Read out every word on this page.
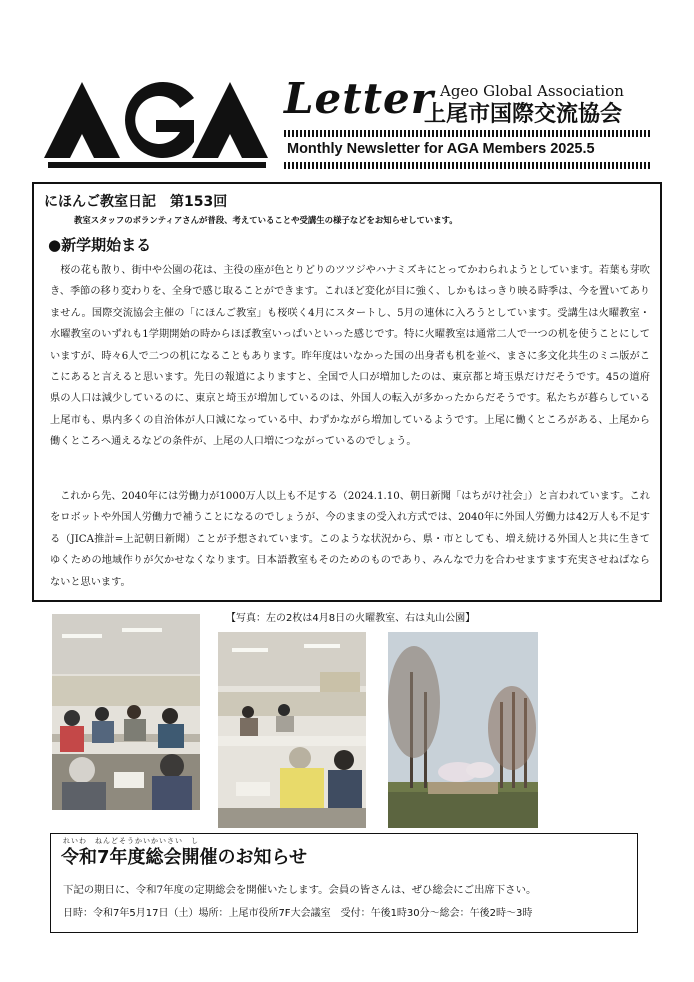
Letter Ageo Global Association
上尾市国際交流協会
Monthly Newsletter for AGA Members 2025.5
にほんご教室日記　第153回
教室スタッフのボランティアさんが普段、考えていることや受講生の様子などをお知らせしています。
●新学期始まる
桜の花も散り、街中や公園の花は、主役の座が色とりどりのツツジやハナミズキにとってかわられようとしています。若葉も芽吹き、季節の移り変わりを、全身で感じ取ることができます。これほど変化が目に強く、しかもはっきり映る時季は、今を置いてありません。国際交流協会主催の「にほんご教室」も桜咲く4月にスタートし、5月の連休に入ろうとしています。受講生は火曜教室・水曜教室のいずれも1学期開始の時からほぼ教室いっぱいといった感じです。特に火曜教室は通常二人で一つの机を使うことにしていますが、時々6人で二つの机になることもあります。昨年度はいなかった国の出身者も机を並べ、まさに多文化共生のミニ版がここにあると言えると思います。先日の報道によりますと、全国で人口が増加したのは、東京都と埼玉県だけだそうです。45の道府県の人口は減少しているのに、東京と埼玉が増加しているのは、外国人の転入が多かったからだそうです。私たちが暮らしている上尾市も、県内多くの自治体が人口減になっている中、わずかながら増加しているようです。上尾に働くところがある、上尾から働くところへ通えるなどの条件が、上尾の人口増につながっているのでしょう。
これから先、2040年には労働力が1000万人以上も不足する（2024.1.10、朝日新聞「はちがけ社会」）と言われています。これをロボットや外国人労働力で補うことになるのでしょうが、今のままの受入れ方式では、2040年に外国人労働力は42万人も不足する（JICA推計=上記朝日新聞）ことが予想されています。このような状況から、県・市としても、増え続ける外国人と共に生きてゆくための地域作りが欠かせなくなります。日本語教室もそのためのものであり、みんなで力を合わせますます充実させねばならないと思います。
【写真：左の2枚は4月8日の火曜教室、右は丸山公園】
れいわ　ねんどそうかいかいさい　し
令和7年度総会開催のお知らせ
下記の期日に、令和7年度の定期総会を開催いたします。会員の皆さんは、ぜひ総会にご出席下さい。
日時：令和7年5月17日（土）場所：上尾市役所7F大会議室　受付：午後1時30分～総会：午後2時～3時
